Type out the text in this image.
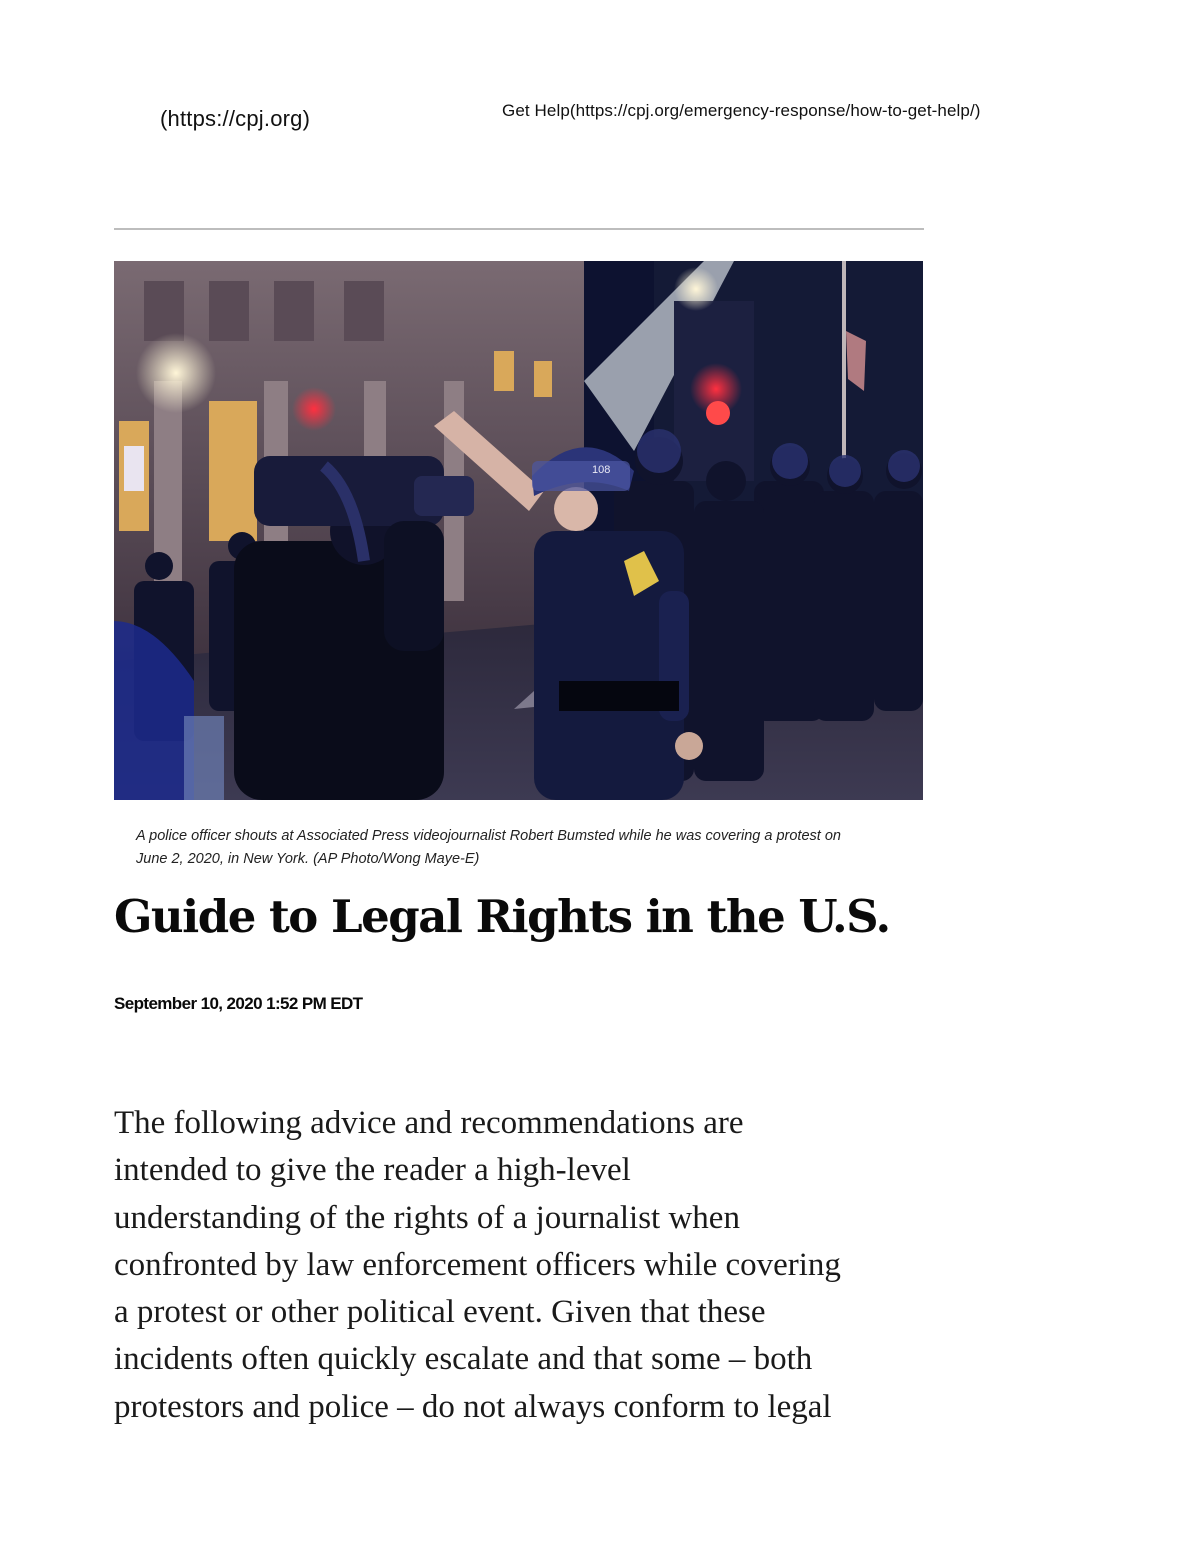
(https://cpj.org)	Get Help(https://cpj.org/emergency-response/how-to-get-help/)
108
A police officer shouts at Associated Press videojournalist Robert Bumsted while he was covering a protest on June 2, 2020, in New York. (AP Photo/Wong Maye-E)
Guide to Legal Rights in the U.S.
September 10, 2020 1:52 PM EDT

The following advice and recommendations are
intended to give the reader a high-level
understanding of the rights of a journalist when
confronted by law enforcement officers while covering
a protest or other political event. Given that these
incidents often quickly escalate and that some – both
protestors and police – do not always conform to legal
